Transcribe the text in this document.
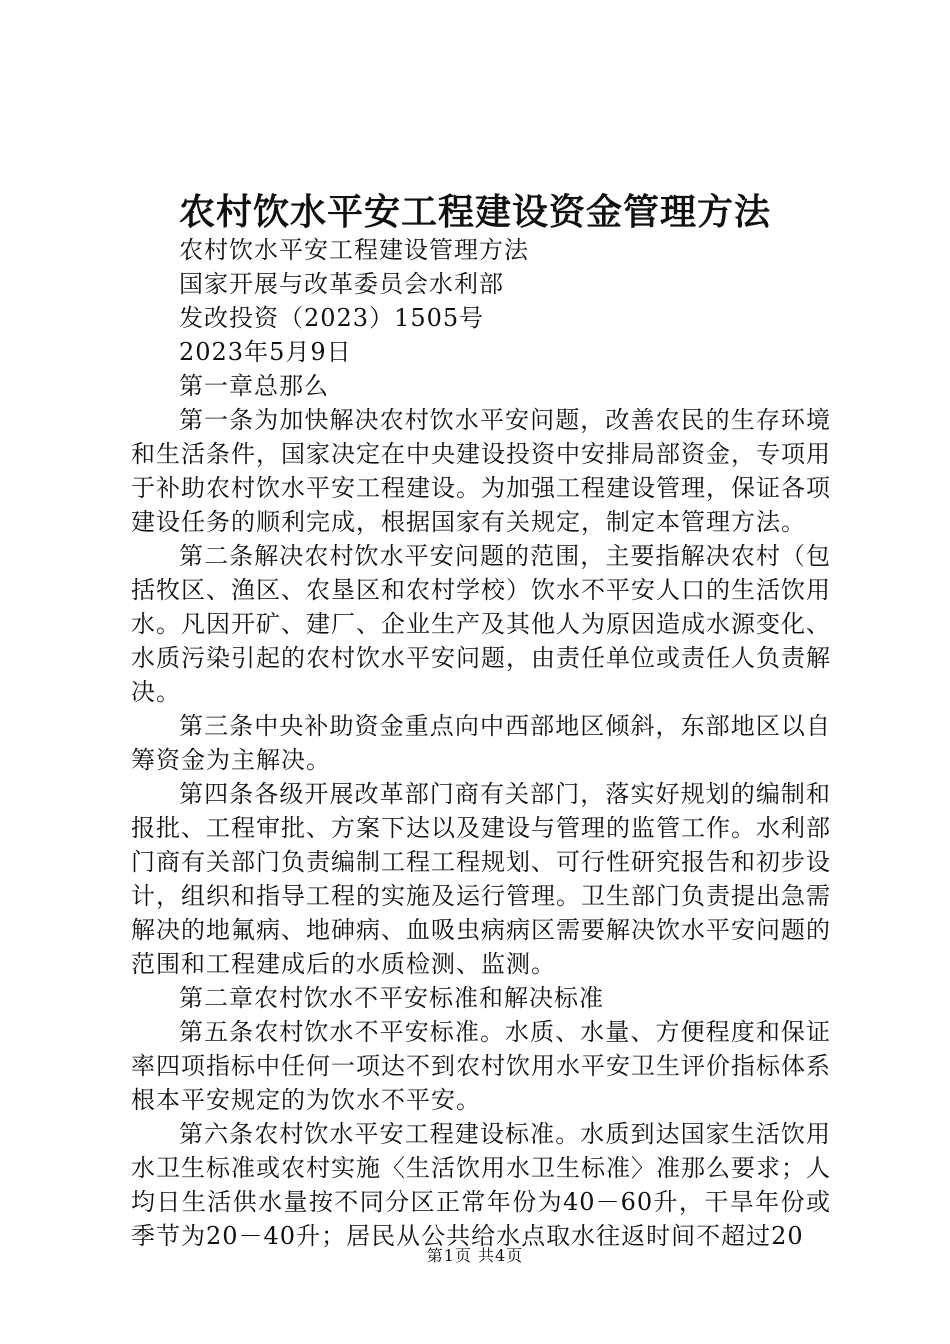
农村饮水平安工程建设资金管理方法

农村饮水平安工程建设管理方法

国家开展与改革委员会水利部

发改投资（2023）1505号

2023年5月9日

第一章总那么

第一条为加快解决农村饮水平安问题，改善农民的生存环境和生活条件，国家决定在中央建设投资中安排局部资金，专项用于补助农村饮水平安工程建设。为加强工程建设管理，保证各项建设任务的顺利完成，根据国家有关规定，制定本管理方法。

第二条解决农村饮水平安问题的范围，主要指解决农村（包括牧区、渔区、农垦区和农村学校）饮水不平安人口的生活饮用水。凡因开矿、建厂、企业生产及其他人为原因造成水源变化、水质污染引起的农村饮水平安问题，由责任单位或责任人负责解决。

第三条中央补助资金重点向中西部地区倾斜，东部地区以自筹资金为主解决。

第四条各级开展改革部门商有关部门，落实好规划的编制和报批、工程审批、方案下达以及建设与管理的监管工作。水利部门商有关部门负责编制工程工程规划、可行性研究报告和初步设计，组织和指导工程的实施及运行管理。卫生部门负责提出急需解决的地氟病、地砷病、血吸虫病病区需要解决饮水平安问题的范围和工程建成后的水质检测、监测。

第二章农村饮水不平安标准和解决标准

第五条农村饮水不平安标准。水质、水量、方便程度和保证率四项指标中任何一项达不到农村饮用水平安卫生评价指标体系根本平安规定的为饮水不平安。

第六条农村饮水平安工程建设标准。水质到达国家生活饮用水卫生标准或农村实施〈生活饮用水卫生标准〉准那么要求；人均日生活供水量按不同分区正常年份为40－60升，干旱年份或季节为20－40升；居民从公共给水点取水往返时间不超过20

第1页 共4页
